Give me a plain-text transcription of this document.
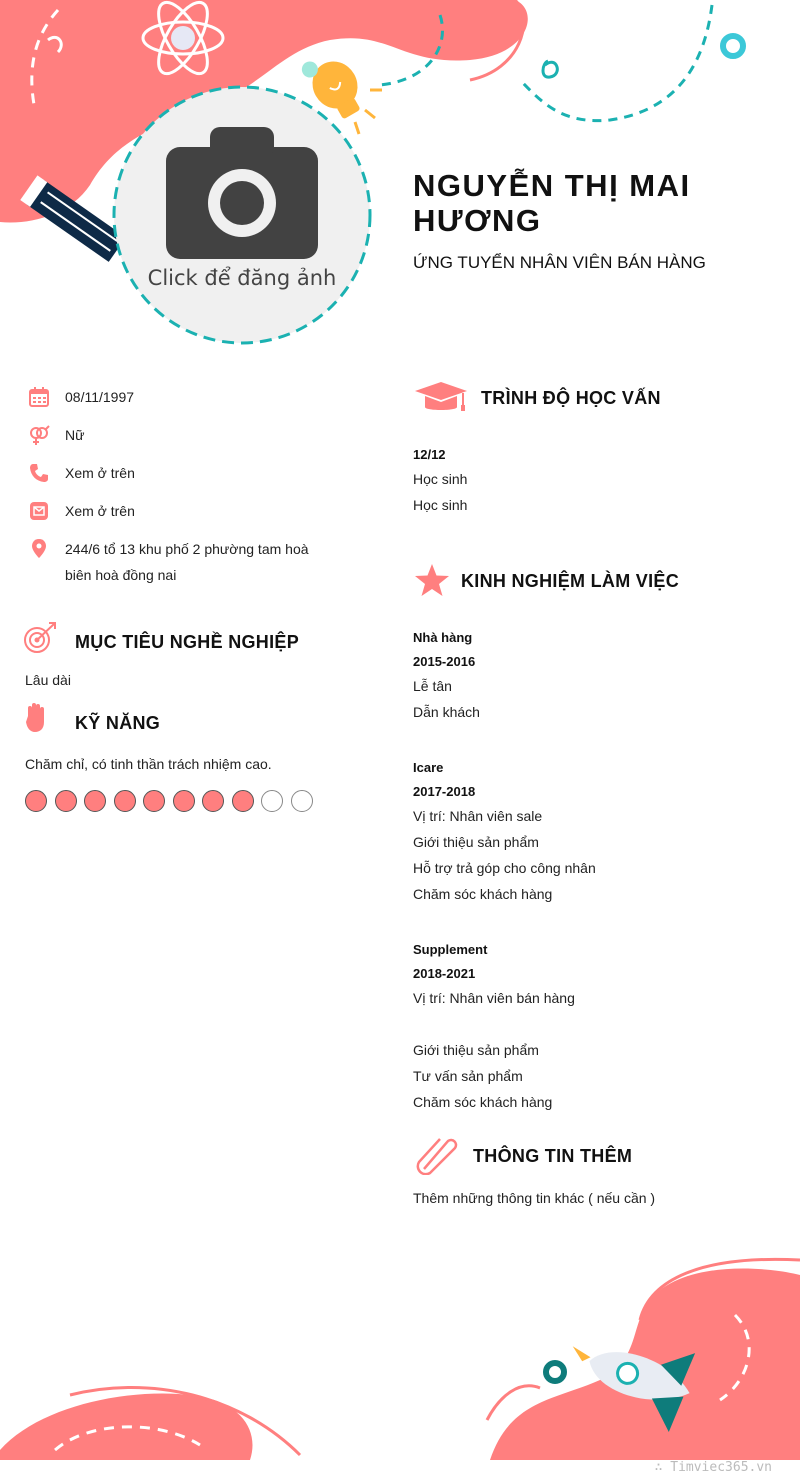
Click để đăng ảnh
NGUYỄN THỊ MAI HƯƠNG
ỨNG TUYỂN NHÂN VIÊN BÁN HÀNG
08/11/1997
Nữ
Xem ở trên
Xem ở trên
244/6 tổ 13 khu phố 2 phường tam hoà
biên hoà đồng nai
MỤC TIÊU NGHỀ NGHIỆP
Lâu dài
KỸ NĂNG
Chăm chỉ, có tinh thần trách nhiệm cao.
TRÌNH ĐỘ HỌC VẤN
12/12
Học sinh
Học sinh
KINH NGHIỆM LÀM VIỆC
Nhà hàng
2015-2016
Lễ tân
Dẫn khách
Icare
2017-2018
Vị trí: Nhân viên sale
Giới thiệu sản phẩm
Hỗ trợ trả góp cho công nhân
Chăm sóc khách hàng
Supplement
2018-2021
Vị trí: Nhân viên bán hàng
Giới thiệu sản phẩm
Tư vấn sản phẩm
Chăm sóc khách hàng
THÔNG TIN THÊM
Thêm những thông tin khác ( nếu cần )
∴ Timviec365.vn
